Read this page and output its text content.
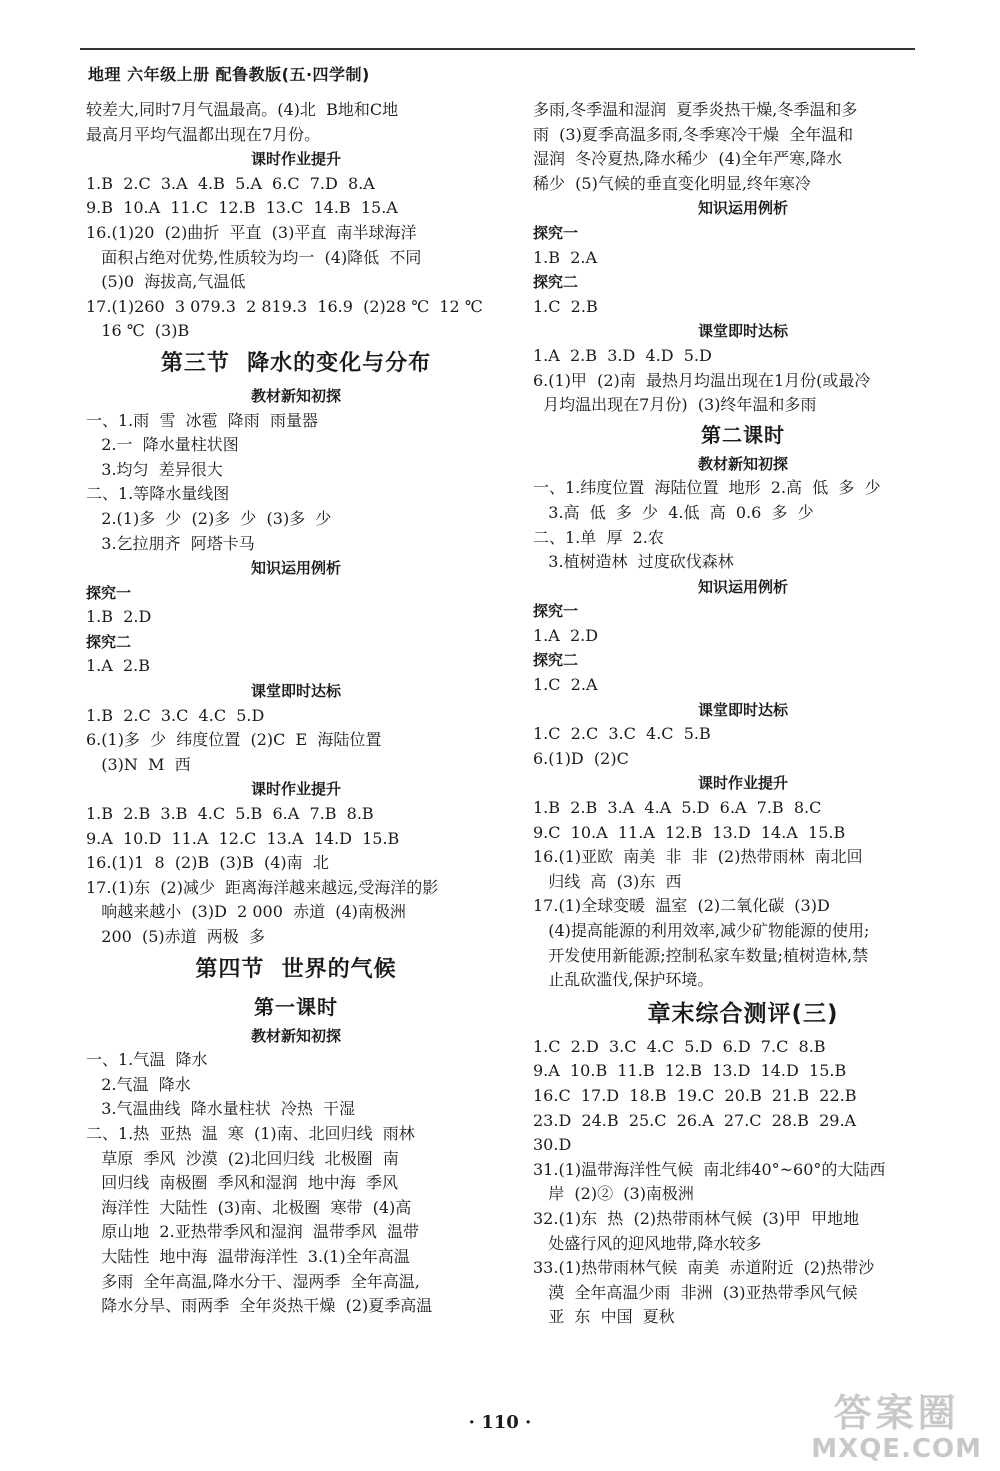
地理 六年级上册 配鲁教版(五·四学制)
较差大,同时7月气温最高。(4)北  B地和C地
最高月平均气温都出现在7月份。
课时作业提升
1.B  2.C  3.A  4.B  5.A  6.C  7.D  8.A
9.B  10.A  11.C  12.B  13.C  14.B  15.A
16.(1)20  (2)曲折  平直  (3)平直  南半球海洋
面积占绝对优势,性质较为均一  (4)降低  不同
(5)0  海拔高,气温低
17.(1)260  3 079.3  2 819.3  16.9  (2)28 ℃  12 ℃
16 ℃  (3)B
第三节  降水的变化与分布
教材新知初探
一、1.雨  雪  冰雹  降雨  雨量器
2.一  降水量柱状图
3.均匀  差异很大
二、1.等降水量线图
2.(1)多  少  (2)多  少  (3)多  少
3.乞拉朋齐  阿塔卡马
知识运用例析
探究一
1.B  2.D
探究二
1.A  2.B
课堂即时达标
1.B  2.C  3.C  4.C  5.D
6.(1)多  少  纬度位置  (2)C  E  海陆位置
(3)N  M  西
课时作业提升
1.B  2.B  3.B  4.C  5.B  6.A  7.B  8.B
9.A  10.D  11.A  12.C  13.A  14.D  15.B
16.(1)1  8  (2)B  (3)B  (4)南  北
17.(1)东  (2)减少  距离海洋越来越远,受海洋的影
响越来越小  (3)D  2 000  赤道  (4)南极洲
200  (5)赤道  两极  多
第四节  世界的气候
第一课时
教材新知初探
一、1.气温  降水
2.气温  降水
3.气温曲线  降水量柱状  冷热  干湿
二、1.热  亚热  温  寒  (1)南、北回归线  雨林
草原  季风  沙漠  (2)北回归线  北极圈  南
回归线  南极圈  季风和湿润  地中海  季风
海洋性  大陆性  (3)南、北极圈  寒带  (4)高
原山地  2.亚热带季风和湿润  温带季风  温带
大陆性  地中海  温带海洋性  3.(1)全年高温
多雨  全年高温,降水分干、湿两季  全年高温,
降水分旱、雨两季  全年炎热干燥  (2)夏季高温
多雨,冬季温和湿润  夏季炎热干燥,冬季温和多
雨  (3)夏季高温多雨,冬季寒冷干燥  全年温和
湿润  冬冷夏热,降水稀少  (4)全年严寒,降水
稀少  (5)气候的垂直变化明显,终年寒冷
知识运用例析
探究一
1.B  2.A
探究二
1.C  2.B
课堂即时达标
1.A  2.B  3.D  4.D  5.D
6.(1)甲  (2)南  最热月均温出现在1月份(或最冷
月均温出现在7月份)  (3)终年温和多雨
第二课时
教材新知初探
一、1.纬度位置  海陆位置  地形  2.高  低  多  少
3.高  低  多  少  4.低  高  0.6  多  少
二、1.单  厚  2.农
3.植树造林  过度砍伐森林
知识运用例析
探究一
1.A  2.D
探究二
1.C  2.A
课堂即时达标
1.C  2.C  3.C  4.C  5.B
6.(1)D  (2)C
课时作业提升
1.B  2.B  3.A  4.A  5.D  6.A  7.B  8.C
9.C  10.A  11.A  12.B  13.D  14.A  15.B
16.(1)亚欧  南美  非  非  (2)热带雨林  南北回
归线  高  (3)东  西
17.(1)全球变暖  温室  (2)二氧化碳  (3)D
(4)提高能源的利用效率,减少矿物能源的使用;
开发使用新能源;控制私家车数量;植树造林,禁
止乱砍滥伐,保护环境。
章末综合测评(三)
1.C  2.D  3.C  4.C  5.D  6.D  7.C  8.B
9.A  10.B  11.B  12.B  13.D  14.D  15.B
16.C  17.D  18.B  19.C  20.B  21.B  22.B
23.D  24.B  25.C  26.A  27.C  28.B  29.A
30.D
31.(1)温带海洋性气候  南北纬40°~60°的大陆西
岸  (2)②  (3)南极洲
32.(1)东  热  (2)热带雨林气候  (3)甲  甲地地
处盛行风的迎风地带,降水较多
33.(1)热带雨林气候  南美  赤道附近  (2)热带沙
漠  全年高温少雨  非洲  (3)亚热带季风气候
亚  东  中国  夏秋
· 110 ·	答案圈
MXQE.COM
